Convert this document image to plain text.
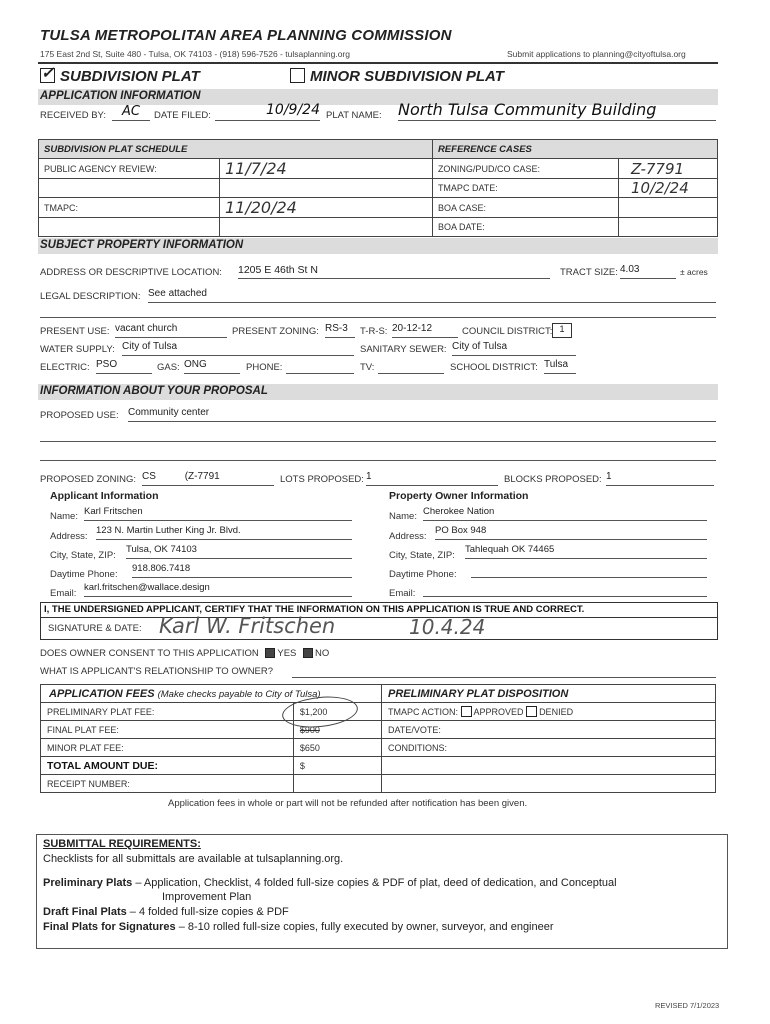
TULSA METROPOLITAN AREA PLANNING COMMISSION
175 East 2nd St, Suite 480 - Tulsa, OK 74103 - (918) 596-7526 - tulsaplanning.org	Submit applications to planning@cityoftulsa.org
✓ SUBDIVISION PLAT	MINOR SUBDIVISION PLAT
APPLICATION INFORMATION
RECEIVED BY:	AC	DATE FILED:	10/9/24 PLAT NAME: North Tulsa Community Building
SUBDIVISION PLAT SCHEDULE		REFERENCE CASES	
PUBLIC AGENCY REVIEW:	11/7/24	ZONING/PUD/CO CASE:	Z-7791
		TMAPC DATE:	10/2/24
TMAPC:	11/20/24	BOA CASE:	
		BOA DATE:	
SUBJECT PROPERTY INFORMATION
ADDRESS OR DESCRIPTIVE LOCATION: 1205 E 46th St N	TRACT SIZE: 4.03	± acres
LEGAL DESCRIPTION: See attached
PRESENT USE: vacant church	PRESENT ZONING: RS-3	T-R-S: 20-12-12	COUNCIL DISTRICT: 1
WATER SUPPLY: City of Tulsa	SANITARY SEWER: City of Tulsa
ELECTRIC: PSO	GAS: ONG	PHONE:	TV:	SCHOOL DISTRICT: Tulsa
INFORMATION ABOUT YOUR PROPOSAL
PROPOSED USE: Community center
PROPOSED ZONING: CS	(Z-7791	LOTS PROPOSED: 1	BLOCKS PROPOSED: 1
Applicant Information
Name: Karl Fritschen
Address:
123 N. Martin Luther King Jr. Blvd.
City, State, ZIP:
Tulsa, OK 74103
Daytime Phone:
918.806.7418
Email:
karl.fritschen@wallace.design
Property Owner Information
Name: Cherokee Nation
Address:
PO Box 948
City, State, ZIP:
Tahlequah OK 74465
Daytime Phone:
Email:
I, THE UNDERSIGNED APPLICANT, CERTIFY THAT THE INFORMATION ON THIS APPLICATION IS TRUE AND CORRECT.
SIGNATURE & DATE: Karl W. Fritschen	10.4.24
DOES OWNER CONSENT TO THIS APPLICATION YES NO
WHAT IS APPLICANT'S RELATIONSHIP TO OWNER?
APPLICATION FEES (Make checks payable to City of Tulsa)		PRELIMINARY PLAT DISPOSITION
PRELIMINARY PLAT FEE:	$1,200	TMAPC ACTION: APPROVED DENIED
FINAL PLAT FEE:	$900	DATE/VOTE:
MINOR PLAT FEE:	$650	CONDITIONS:
TOTAL AMOUNT DUE:	$	
RECEIPT NUMBER:		
Application fees in whole or part will not be refunded after notification has been given.
SUBMITTAL REQUIREMENTS:
Checklists for all submittals are available at tulsaplanning.org.
Preliminary Plats – Application, Checklist, 4 folded full-size copies & PDF of plat, deed of dedication, and Conceptual
Improvement Plan
Draft Final Plats – 4 folded full-size copies & PDF
Final Plats for Signatures – 8-10 rolled full-size copies, fully executed by owner, surveyor, and engineer
REVISED 7/1/2023
